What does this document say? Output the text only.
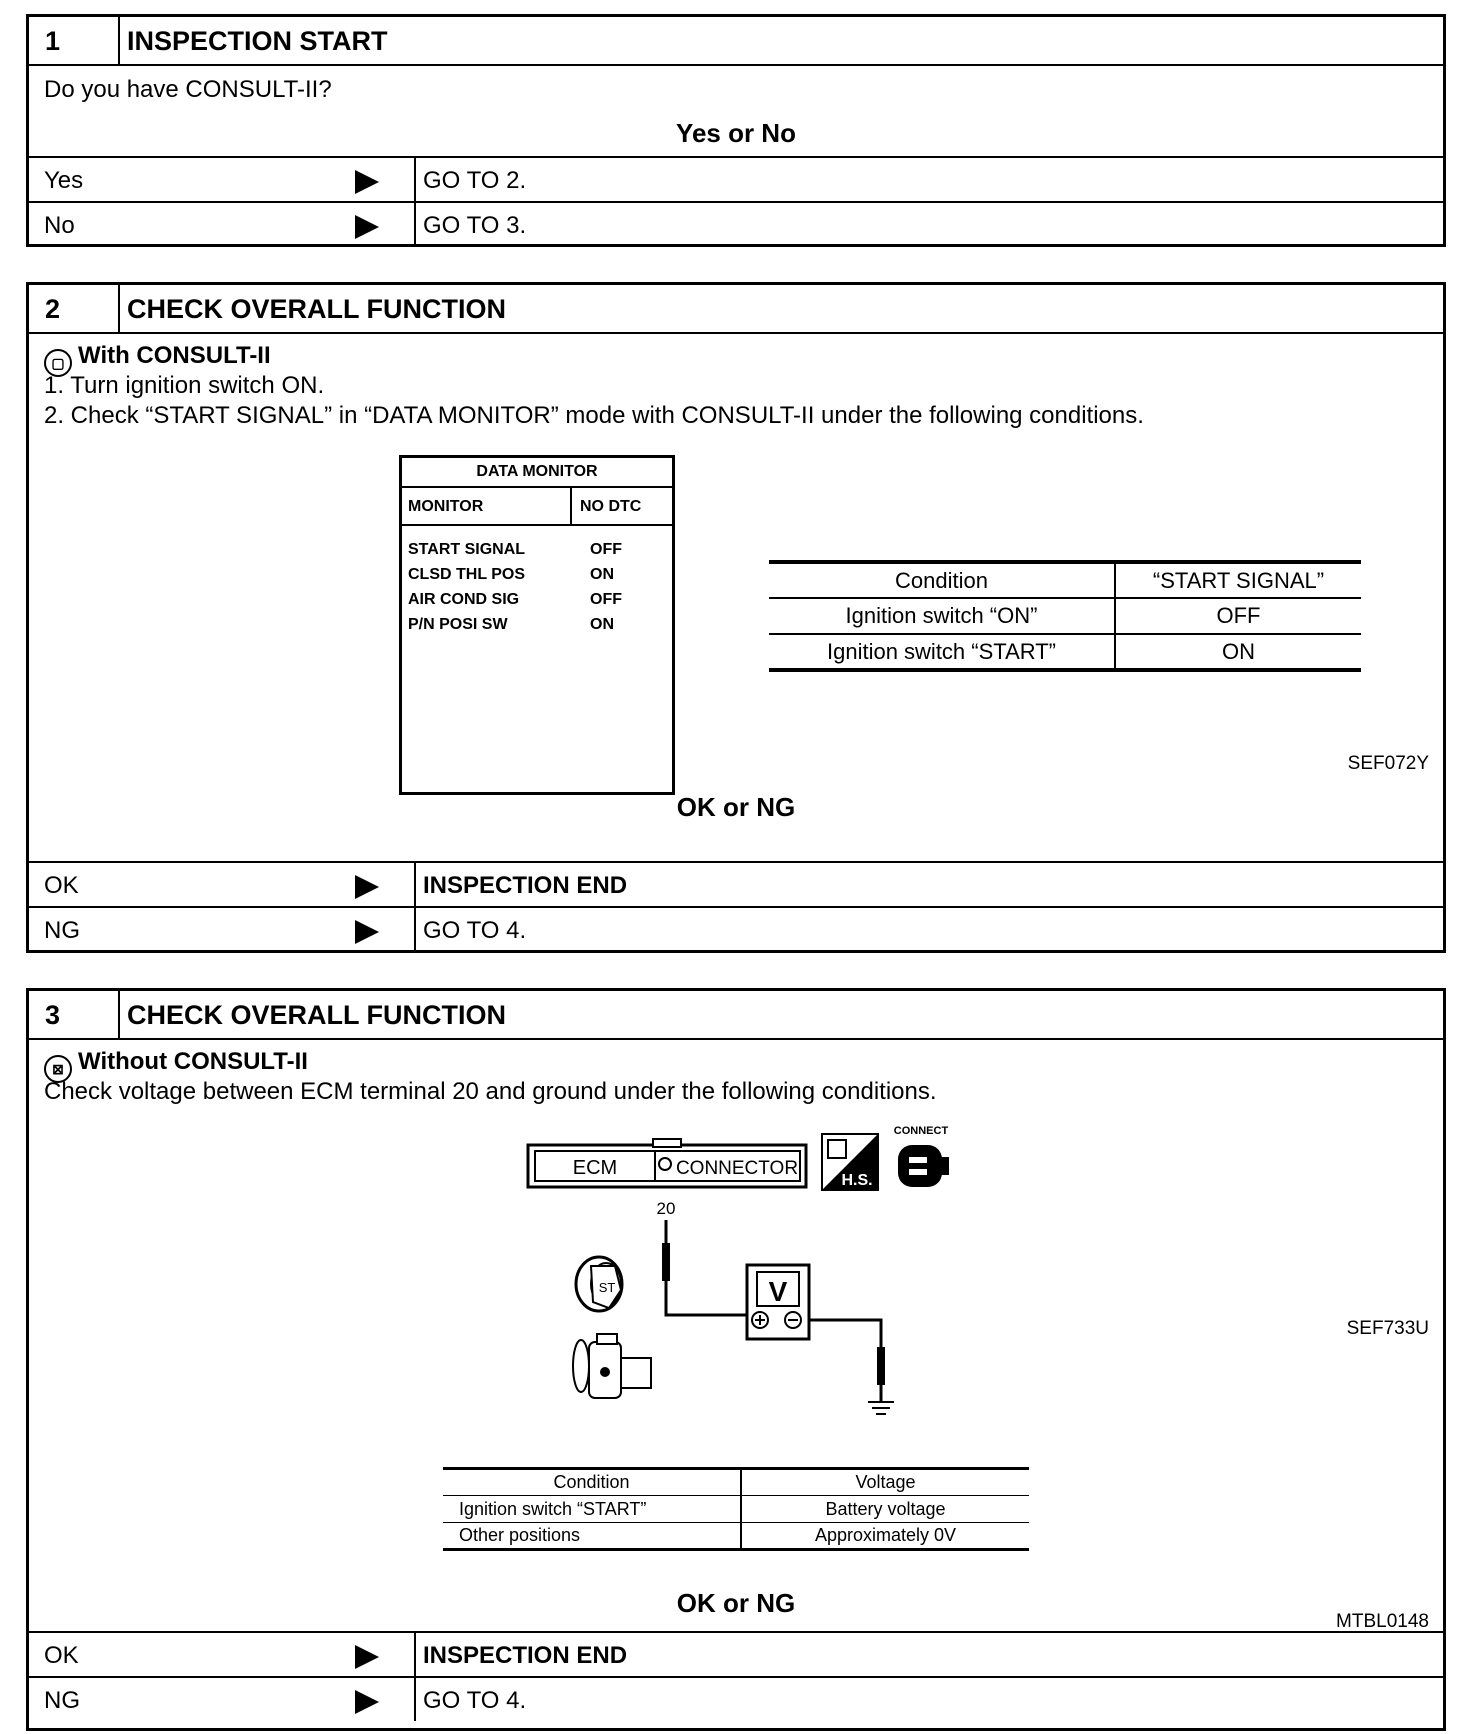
1	INSPECTION START
Do you have CONSULT-II?
Yes or No
Yes	GO TO 2.
No	GO TO 3.
2	CHECK OVERALL FUNCTION
▢ With CONSULT-II
1. Turn ignition switch ON.
2. Check “START SIGNAL” in “DATA MONITOR” mode with CONSULT-II under the following conditions.
DATA MONITOR
MONITOR	NO DTC
START SIGNAL	OFF
CLSD THL POS	ON
AIR COND SIG	OFF
P/N POSI SW	ON
Condition	“START SIGNAL”
Ignition switch “ON”	OFF
Ignition switch “START”	ON
SEF072Y
OK or NG
OK	INSPECTION END
NG	GO TO 4.
3	CHECK OVERALL FUNCTION
⊠ Without CONSULT-II
Check voltage between ECM terminal 20 and ground under the following conditions.
ECM	CONNECTOR
H.S.
CONNECT
20
V
ST
SEF733U
Condition	Voltage
Ignition switch “START”	Battery voltage
Other positions	Approximately 0V
MTBL0148
OK or NG
OK	INSPECTION END
NG	GO TO 4.
